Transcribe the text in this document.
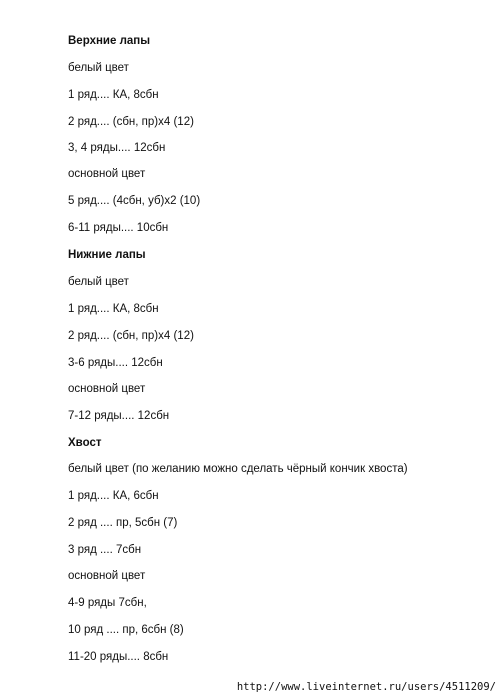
Верхние лапы
белый цвет
1 ряд.... КА, 8сбн
2 ряд.... (сбн, пр)х4 (12)
3, 4 ряды.... 12сбн
основной цвет
5 ряд.... (4сбн, уб)х2 (10)
6-11 ряды.... 10сбн
Нижние лапы
белый цвет
1 ряд.... КА, 8сбн
2 ряд.... (сбн, пр)х4 (12)
3-6 ряды.... 12сбн
основной цвет
7-12 ряды.... 12сбн
Хвост
белый цвет (по желанию можно сделать чёрный кончик хвоста)
1 ряд.... КА, 6сбн
2 ряд .... пр, 5сбн (7)
3 ряд .... 7сбн
основной цвет
4-9 ряды 7сбн,
10 ряд .... пр, 6сбн (8)
11-20 ряды.... 8сбн
http://www.liveinternet.ru/users/4511209/
